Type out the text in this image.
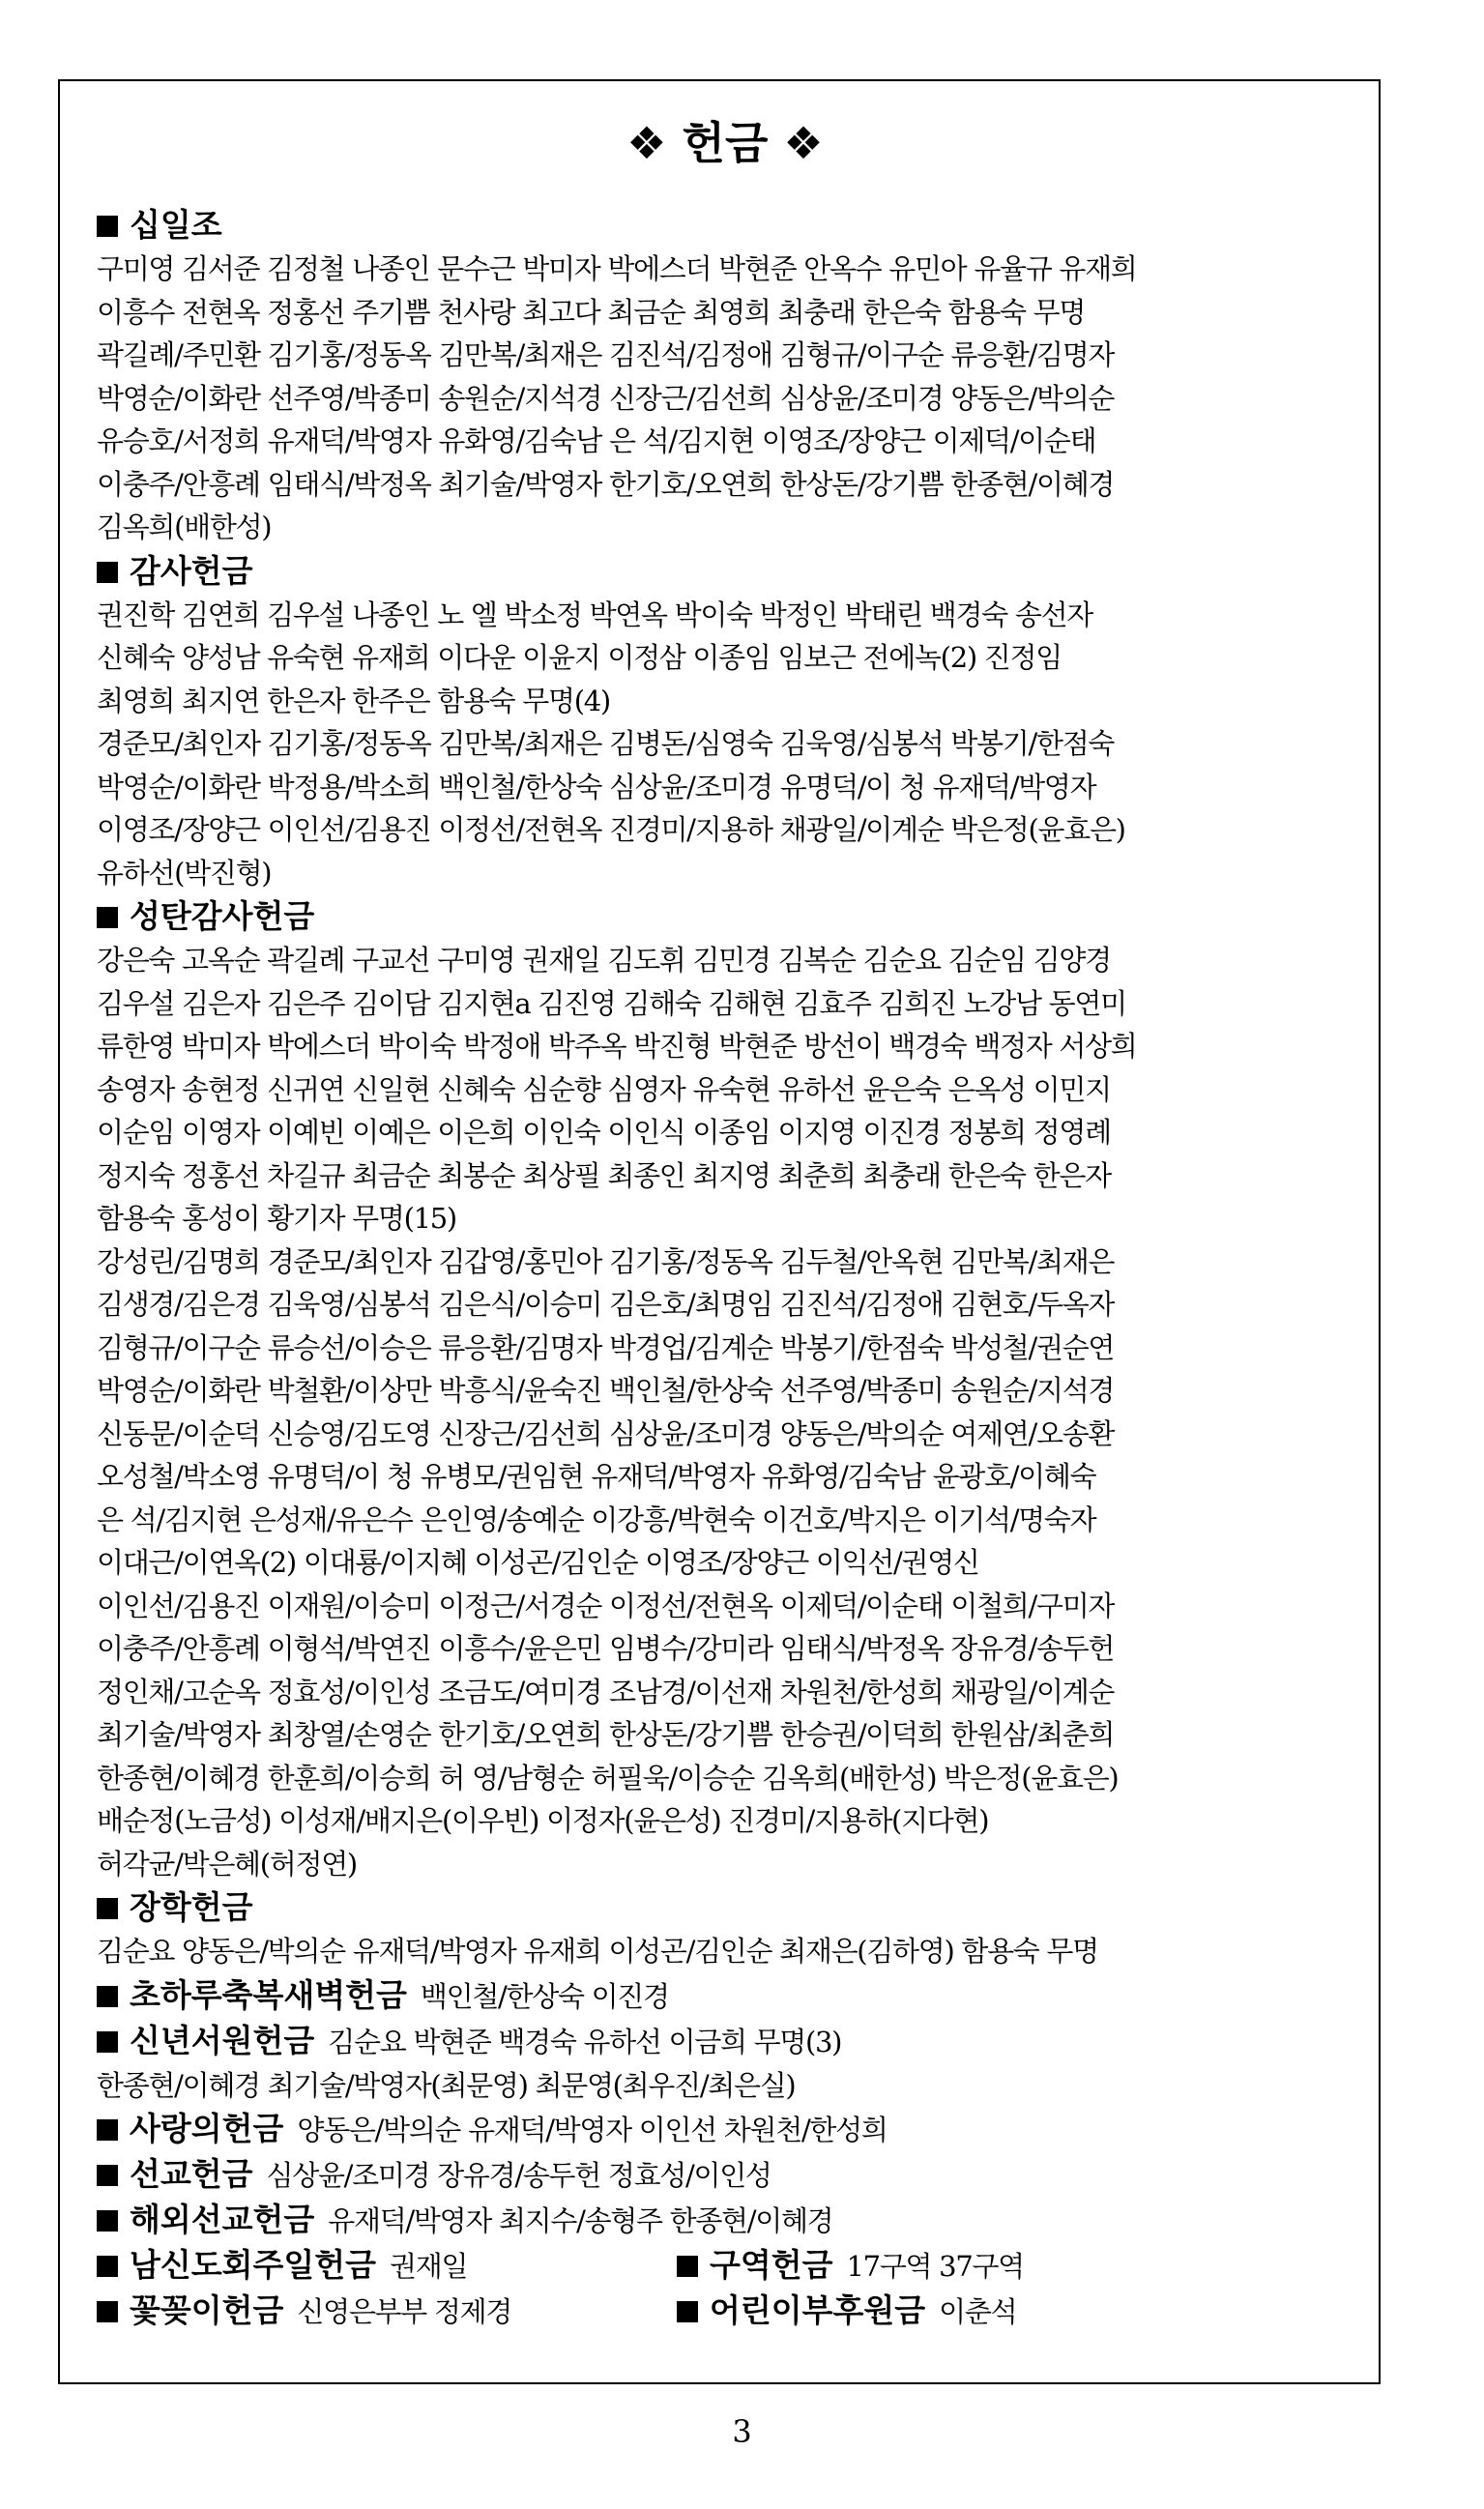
❖ 헌금 ❖
십일조
구미영 김서준 김정철 나종인 문수근 박미자 박에스더 박현준 안옥수 유민아 유율규 유재희
이흥수 전현옥 정홍선 주기쁨 천사랑 최고다 최금순 최영희 최충래 한은숙 함용숙 무명
곽길례/주민환 김기홍/정동옥 김만복/최재은 김진석/김정애 김형규/이구순 류응환/김명자
박영순/이화란 선주영/박종미 송원순/지석경 신장근/김선희 심상윤/조미경 양동은/박의순
유승호/서정희 유재덕/박영자 유화영/김숙남 은 석/김지현 이영조/장양근 이제덕/이순태
이충주/안흥례 임태식/박정옥 최기술/박영자 한기호/오연희 한상돈/강기쁨 한종현/이혜경
김옥희(배한성)
감사헌금
권진학 김연희 김우설 나종인 노 엘 박소정 박연옥 박이숙 박정인 박태린 백경숙 송선자
신혜숙 양성남 유숙현 유재희 이다운 이윤지 이정삼 이종임 임보근 전에녹(2) 진정임
최영희 최지연 한은자 한주은 함용숙 무명(4)
경준모/최인자 김기홍/정동옥 김만복/최재은 김병돈/심영숙 김욱영/심봉석 박봉기/한점숙
박영순/이화란 박정용/박소희 백인철/한상숙 심상윤/조미경 유명덕/이 청 유재덕/박영자
이영조/장양근 이인선/김용진 이정선/전현옥 진경미/지용하 채광일/이계순 박은정(윤효은)
유하선(박진형)
성탄감사헌금
강은숙 고옥순 곽길례 구교선 구미영 권재일 김도휘 김민경 김복순 김순요 김순임 김양경
김우설 김은자 김은주 김이담 김지현a 김진영 김해숙 김해현 김효주 김희진 노강남 동연미
류한영 박미자 박에스더 박이숙 박정애 박주옥 박진형 박현준 방선이 백경숙 백정자 서상희
송영자 송현정 신귀연 신일현 신혜숙 심순향 심영자 유숙현 유하선 윤은숙 은옥성 이민지
이순임 이영자 이예빈 이예은 이은희 이인숙 이인식 이종임 이지영 이진경 정봉희 정영례
정지숙 정홍선 차길규 최금순 최봉순 최상필 최종인 최지영 최춘희 최충래 한은숙 한은자
함용숙 홍성이 황기자 무명(15)
강성린/김명희 경준모/최인자 김갑영/홍민아 김기홍/정동옥 김두철/안옥현 김만복/최재은
김생경/김은경 김욱영/심봉석 김은식/이승미 김은호/최명임 김진석/김정애 김현호/두옥자
김형규/이구순 류승선/이승은 류응환/김명자 박경업/김계순 박봉기/한점숙 박성철/권순연
박영순/이화란 박철환/이상만 박흥식/윤숙진 백인철/한상숙 선주영/박종미 송원순/지석경
신동문/이순덕 신승영/김도영 신장근/김선희 심상윤/조미경 양동은/박의순 여제연/오송환
오성철/박소영 유명덕/이 청 유병모/권임현 유재덕/박영자 유화영/김숙남 윤광호/이혜숙
은 석/김지현 은성재/유은수 은인영/송예순 이강흥/박현숙 이건호/박지은 이기석/명숙자
이대근/이연옥(2) 이대룡/이지혜 이성곤/김인순 이영조/장양근 이익선/권영신
이인선/김용진 이재원/이승미 이정근/서경순 이정선/전현옥 이제덕/이순태 이철희/구미자
이충주/안흥례 이형석/박연진 이흥수/윤은민 임병수/강미라 임태식/박정옥 장유경/송두헌
정인채/고순옥 정효성/이인성 조금도/여미경 조남경/이선재 차원천/한성희 채광일/이계순
최기술/박영자 최창열/손영순 한기호/오연희 한상돈/강기쁨 한승권/이덕희 한원삼/최춘희
한종현/이혜경 한훈희/이승희 허 영/남형순 허필욱/이승순 김옥희(배한성) 박은정(윤효은)
배순정(노금성) 이성재/배지은(이우빈) 이정자(윤은성) 진경미/지용하(지다현)
허각균/박은혜(허정연)
장학헌금
김순요 양동은/박의순 유재덕/박영자 유재희 이성곤/김인순 최재은(김하영) 함용숙 무명
초하루축복새벽헌금 백인철/한상숙 이진경
신년서원헌금 김순요 박현준 백경숙 유하선 이금희 무명(3)
한종현/이혜경 최기술/박영자(최문영) 최문영(최우진/최은실)
사랑의헌금 양동은/박의순 유재덕/박영자 이인선 차원천/한성희
선교헌금 심상윤/조미경 장유경/송두헌 정효성/이인성
해외선교헌금 유재덕/박영자 최지수/송형주 한종현/이혜경
남신도회주일헌금 권재일	구역헌금 17구역 37구역
꽃꽂이헌금 신영은부부 정제경	어린이부후원금 이춘석
3
